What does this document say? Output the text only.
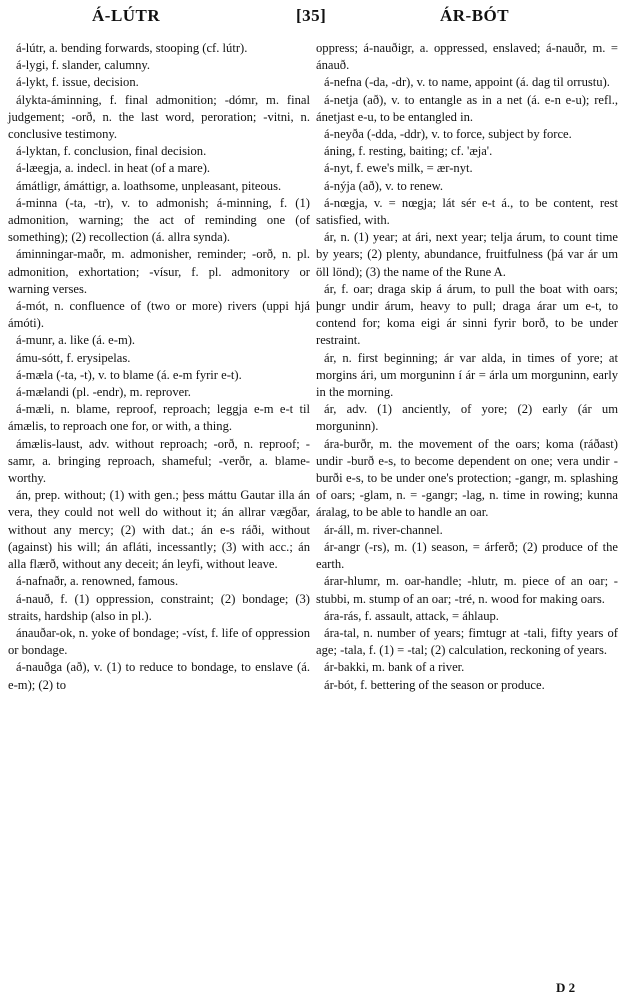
Á-LÚTR	[35]	ÁR-BÓT

á-lútr, a. bending forwards, stooping (cf. lútr).

á-lygi, f. slander, calumny.

á-lykt, f. issue, decision.

álykta-áminning, f. final admonition; -dómr, m. final judgement; -orð, n. the last word, peroration; -vitni, n. conclusive testimony.

á-lyktan, f. conclusion, final decision.

á-læegja, a. indecl. in heat (of a mare).

ámátligr, ámáttigr, a. loathsome, unpleasant, piteous.

á-minna (-ta, -tr), v. to admonish; á-minning, f. (1) admonition, warning; the act of reminding one (of something); (2) recollection (á. allra synda).

áminningar-maðr, m. admonisher, reminder; -orð, n. pl. admonition, exhortation; -vísur, f. pl. admonitory or warning verses.

á-mót, n. confluence of (two or more) rivers (uppi hjá ámóti).

á-munr, a. like (á. e-m).

ámu-sótt, f. erysipelas.

á-mæla (-ta, -t), v. to blame (á. e-m fyrir e-t).

á-mælandi (pl. -endr), m. reprover.

á-mæli, n. blame, reproof, reproach; leggja e-m e-t til ámælis, to reproach one for, or with, a thing.

ámælis-laust, adv. without reproach; -orð, n. reproof; -samr, a. bringing reproach, shameful; -verðr, a. blame-worthy.

án, prep. without; (1) with gen.; þess máttu Gautar illa án vera, they could not well do without it; án allrar vægðar, without any mercy; (2) with dat.; án e-s ráði, without (against) his will; án afláti, incessantly; (3) with acc.; án alla flærð, without any deceit; án leyfi, without leave.

á-nafnaðr, a. renowned, famous.

á-nauð, f. (1) oppression, constraint; (2) bondage; (3) straits, hardship (also in pl.).

ánauðar-ok, n. yoke of bondage; -víst, f. life of oppression or bondage.

á-nauðga (að), v. (1) to reduce to bondage, to enslave (á. e-m); (2) to

oppress; á-nauðigr, a. oppressed, enslaved; á-nauðr, m. = ánauð.

á-nefna (-da, -dr), v. to name, appoint (á. dag til orrustu).

á-netja (að), v. to entangle as in a net (á. e-n e-u); refl., ánetjast e-u, to be entangled in.

á-neyða (-dda, -ddr), v. to force, subject by force.

áning, f. resting, baiting; cf. 'æja'.

á-nyt, f. ewe's milk, = ær-nyt.

á-nýja (að), v. to renew.

á-nœgja, v. = nœgja; lát sér e-t á., to be content, rest satisfied, with.

ár, n. (1) year; at ári, next year; telja árum, to count time by years; (2) plenty, abundance, fruitfulness (þá var ár um öll lönd); (3) the name of the Rune A.

ár, f. oar; draga skip á árum, to pull the boat with oars; þungr undir árum, heavy to pull; draga árar um e-t, to contend for; koma eigi ár sinni fyrir borð, to be under restraint.

ár, n. first beginning; ár var alda, in times of yore; at morgins ári, um morguninn í ár = árla um morguninn, early in the morning.

ár, adv. (1) anciently, of yore; (2) early (ár um morguninn).

ára-burðr, m. the movement of the oars; koma (ráðast) undir -burð e-s, to become dependent on one; vera undir -burði e-s, to be under one's protection; -gangr, m. splashing of oars; -glam, n. = -gangr; -lag, n. time in rowing; kunna áralag, to be able to handle an oar.

ár-áll, m. river-channel.

ár-angr (-rs), m. (1) season, = árferð; (2) produce of the earth.

árar-hlumr, m. oar-handle; -hlutr, m. piece of an oar; -stubbi, m. stump of an oar; -tré, n. wood for making oars.

ára-rás, f. assault, attack, = áhlaup.

ára-tal, n. number of years; fimtugr at -tali, fifty years of age; -tala, f. (1) = -tal; (2) calculation, reckoning of years.

ár-bakki, m. bank of a river.

ár-bót, f. bettering of the season or produce.

D 2
